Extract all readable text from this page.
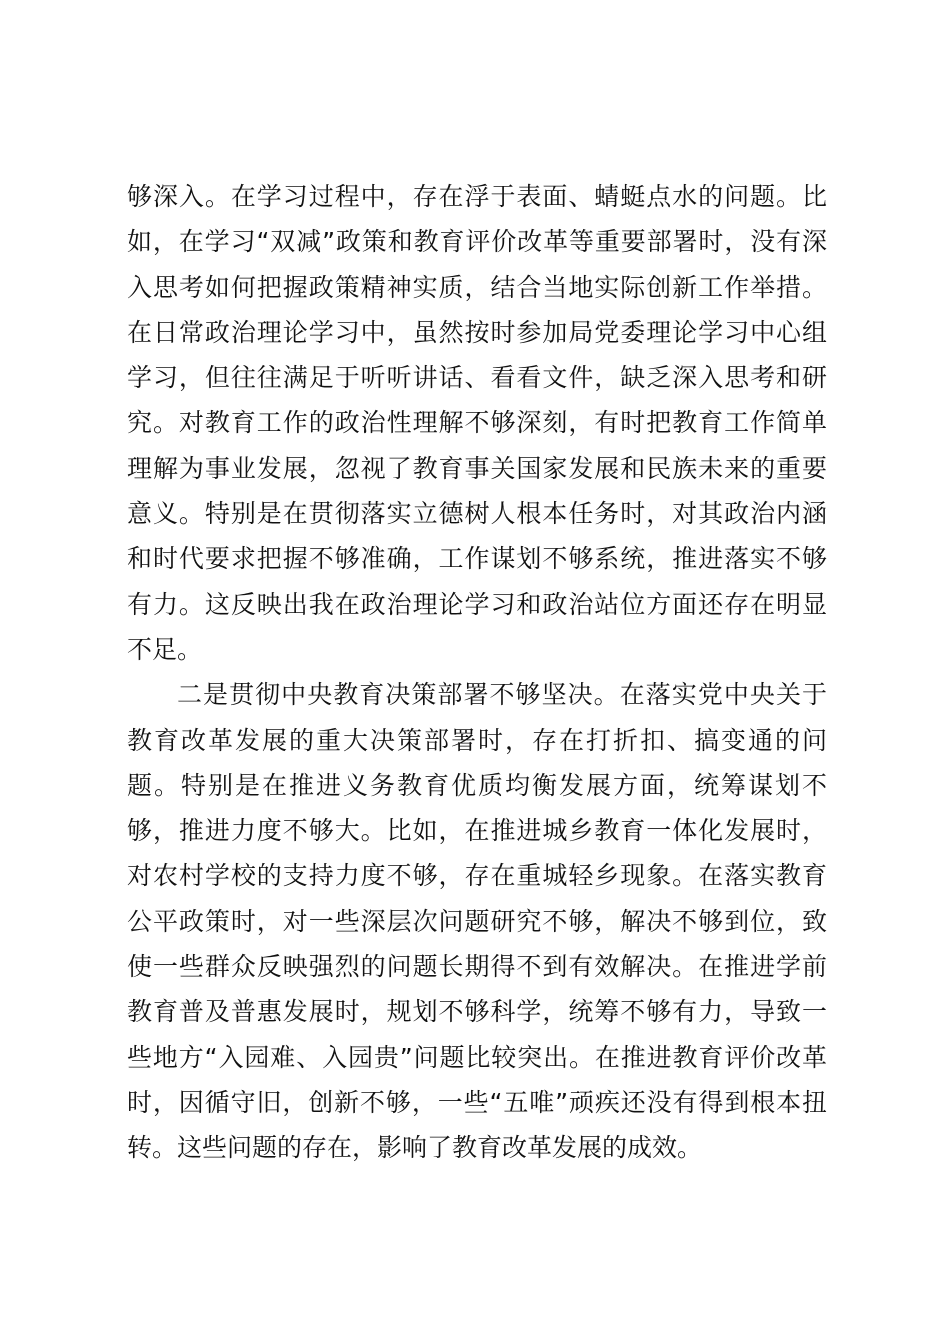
够深入。在学习过程中，存在浮于表面、蜻蜓点水的问题。比
如，在学习“双减”政策和教育评价改革等重要部署时，没有深
入思考如何把握政策精神实质，结合当地实际创新工作举措。
在日常政治理论学习中，虽然按时参加局党委理论学习中心组
学习，但往往满足于听听讲话、看看文件，缺乏深入思考和研
究。对教育工作的政治性理解不够深刻，有时把教育工作简单
理解为事业发展，忽视了教育事关国家发展和民族未来的重要
意义。特别是在贯彻落实立德树人根本任务时，对其政治内涵
和时代要求把握不够准确，工作谋划不够系统，推进落实不够
有力。这反映出我在政治理论学习和政治站位方面还存在明显
不足。
二是贯彻中央教育决策部署不够坚决。在落实党中央关于
教育改革发展的重大决策部署时，存在打折扣、搞变通的问
题。特别是在推进义务教育优质均衡发展方面，统筹谋划不
够，推进力度不够大。比如，在推进城乡教育一体化发展时，
对农村学校的支持力度不够，存在重城轻乡现象。在落实教育
公平政策时，对一些深层次问题研究不够，解决不够到位，致
使一些群众反映强烈的问题长期得不到有效解决。在推进学前
教育普及普惠发展时，规划不够科学，统筹不够有力，导致一
些地方“入园难、入园贵”问题比较突出。在推进教育评价改革
时，因循守旧，创新不够，一些“五唯”顽疾还没有得到根本扭
转。这些问题的存在，影响了教育改革发展的成效。
